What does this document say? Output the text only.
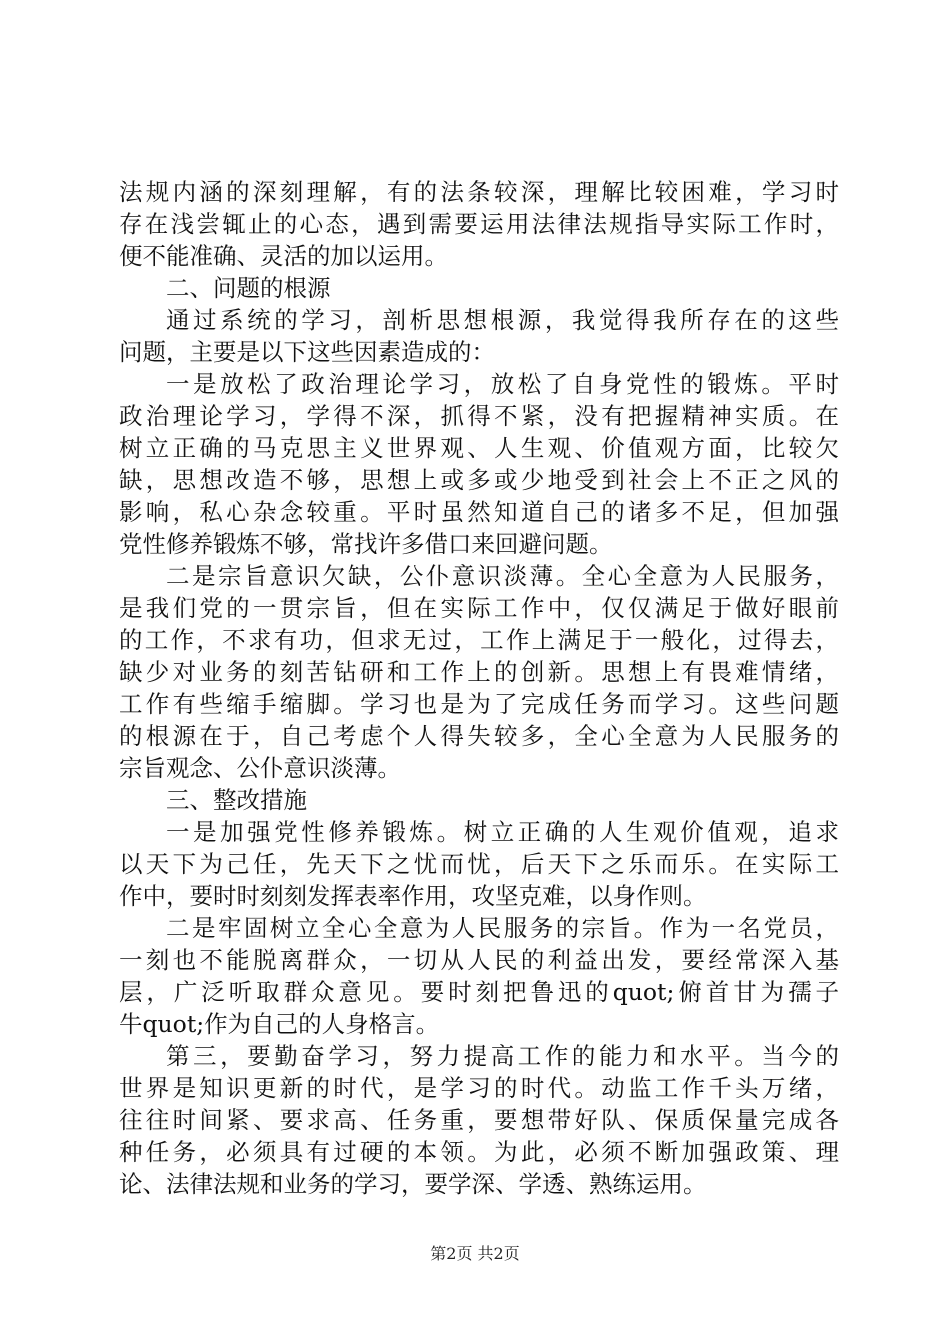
法规内涵的深刻理解，有的法条较深，理解比较困难，学习时
存在浅尝辄止的心态，遇到需要运用法律法规指导实际工作时，
便不能准确、灵活的加以运用。
二、问题的根源
通过系统的学习，剖析思想根源，我觉得我所存在的这些
问题，主要是以下这些因素造成的：
一是放松了政治理论学习，放松了自身党性的锻炼。平时
政治理论学习，学得不深，抓得不紧，没有把握精神实质。在
树立正确的马克思主义世界观、人生观、价值观方面，比较欠
缺，思想改造不够，思想上或多或少地受到社会上不正之风的
影响，私心杂念较重。平时虽然知道自己的诸多不足，但加强
党性修养锻炼不够，常找许多借口来回避问题。
二是宗旨意识欠缺，公仆意识淡薄。全心全意为人民服务，
是我们党的一贯宗旨，但在实际工作中，仅仅满足于做好眼前
的工作，不求有功，但求无过，工作上满足于一般化，过得去，
缺少对业务的刻苦钻研和工作上的创新。思想上有畏难情绪，
工作有些缩手缩脚。学习也是为了完成任务而学习。这些问题
的根源在于，自己考虑个人得失较多，全心全意为人民服务的
宗旨观念、公仆意识淡薄。
三、整改措施
一是加强党性修养锻炼。树立正确的人生观价值观，追求
以天下为己任，先天下之忧而忧，后天下之乐而乐。在实际工
作中，要时时刻刻发挥表率作用，攻坚克难，以身作则。
二是牢固树立全心全意为人民服务的宗旨。作为一名党员，
一刻也不能脱离群众，一切从人民的利益出发，要经常深入基
层，广泛听取群众意见。要时刻把鲁迅的quot;俯首甘为孺子
牛quot;作为自己的人身格言。
第三，要勤奋学习，努力提高工作的能力和水平。当今的
世界是知识更新的时代，是学习的时代。动监工作千头万绪，
往往时间紧、要求高、任务重，要想带好队、保质保量完成各
种任务，必须具有过硬的本领。为此，必须不断加强政策、理
论、法律法规和业务的学习，要学深、学透、熟练运用。
第2页 共2页
